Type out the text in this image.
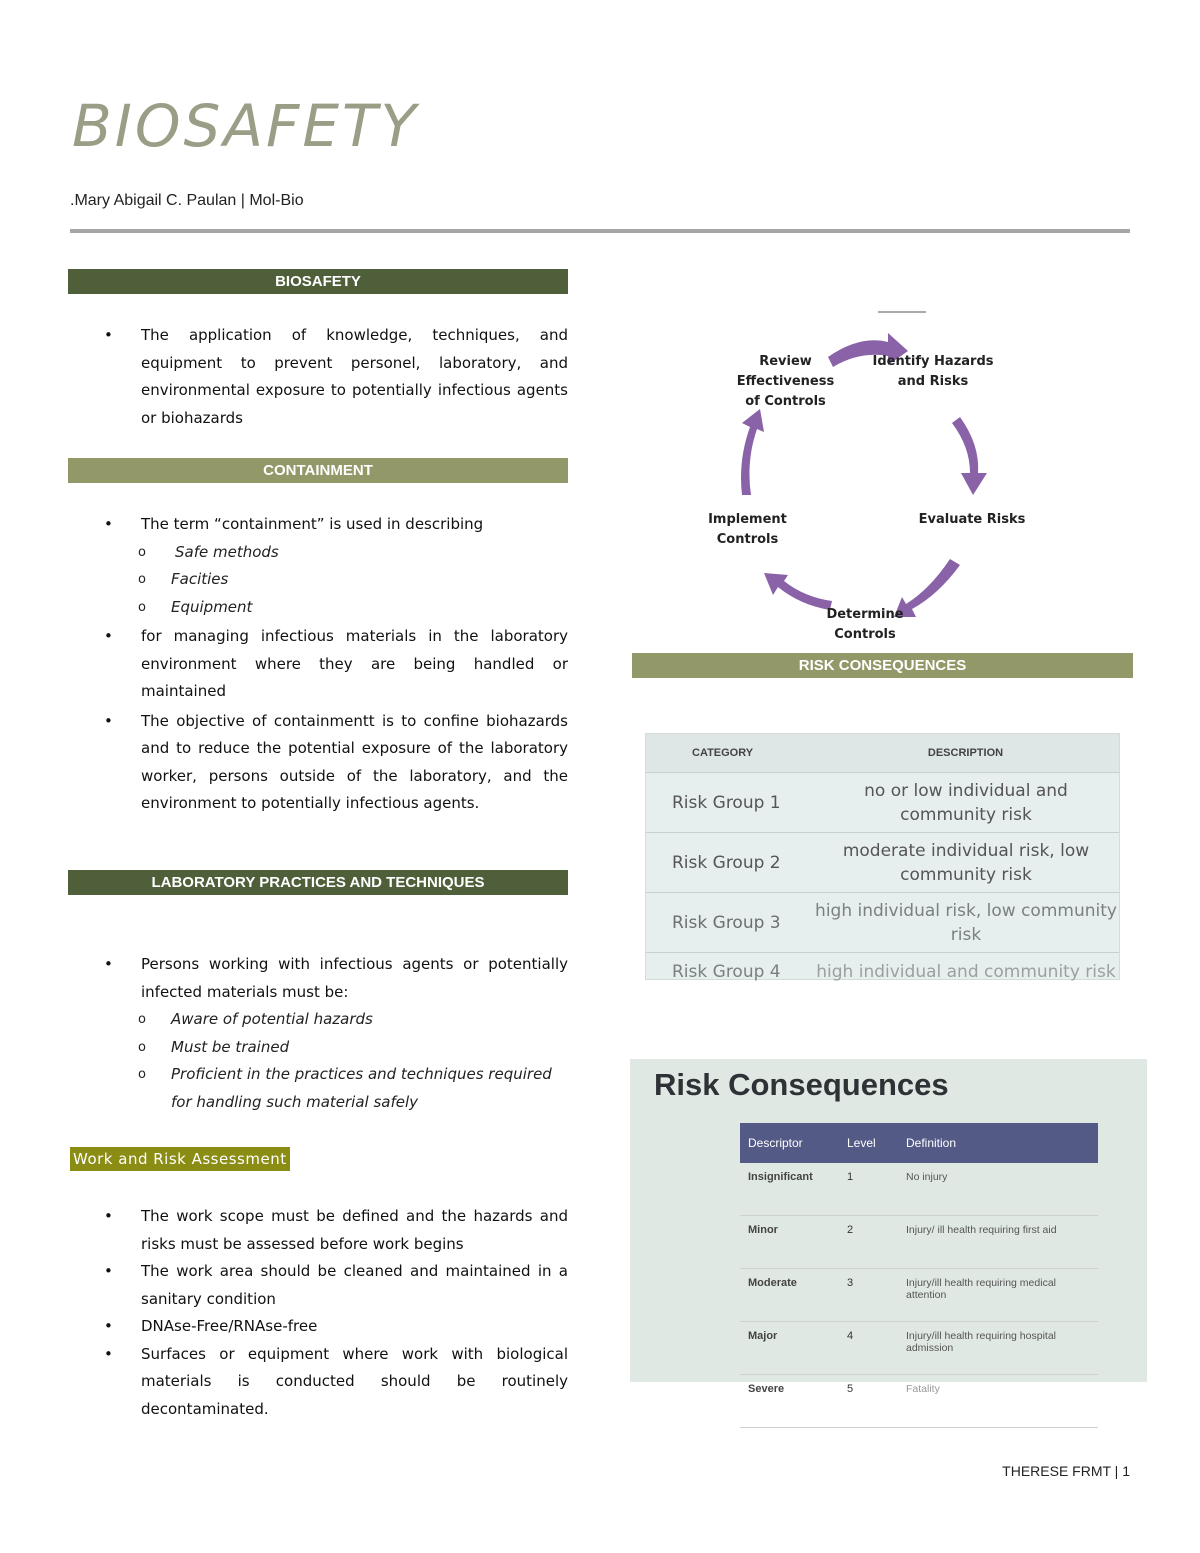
BIOSAFETY
.Mary Abigail C. Paulan | Mol-Bio
BIOSAFETY
• The application of knowledge, techniques, and equipment to prevent personel, laboratory, and environmental exposure to potentially infectious agents or biohazards
CONTAINMENT
• The term “containment” is used in describing
o Safe methods
o Facities
o Equipment
• for managing infectious materials in the laboratory environment where they are being handled or maintained
• The objective of containmentt is to confine biohazards and to reduce the potential exposure of the laboratory worker, persons outside of the laboratory, and the environment to potentially infectious agents.
LABORATORY PRACTICES AND TECHNIQUES
• Persons working with infectious agents or potentially infected materials must be:
o Aware of potential hazards
o Must be trained
o Proficient in the practices and techniques required for handling such material safely
Work and Risk Assessment
• The work scope must be defined and the hazards and risks must be assessed before work begins
• The work area should be cleaned and maintained in a sanitary condition
• DNAse-Free/RNAse-free
• Surfaces or equipment where work with biological materials is conducted should be routinely decontaminated.
Identify Hazards and Risks
Evaluate Risks
Determine Controls
Implement Controls
Review Effectiveness of Controls
RISK CONSEQUENCES
CATEGORY	DESCRIPTION
Risk Group 1	no or low individual and community risk
Risk Group 2	moderate individual risk, low community risk
Risk Group 3	high individual risk, low community risk
Risk Group 4	high individual and community risk
Risk Consequences
Descriptor	Level	Definition
Insignificant	1	No injury
Minor	2	Injury/ ill health requiring first aid
Moderate	3	Injury/ill health requiring medical attention
Major	4	Injury/ill health requiring hospital admission
Severe	5	Fatality
THERESE FRMT | 1
